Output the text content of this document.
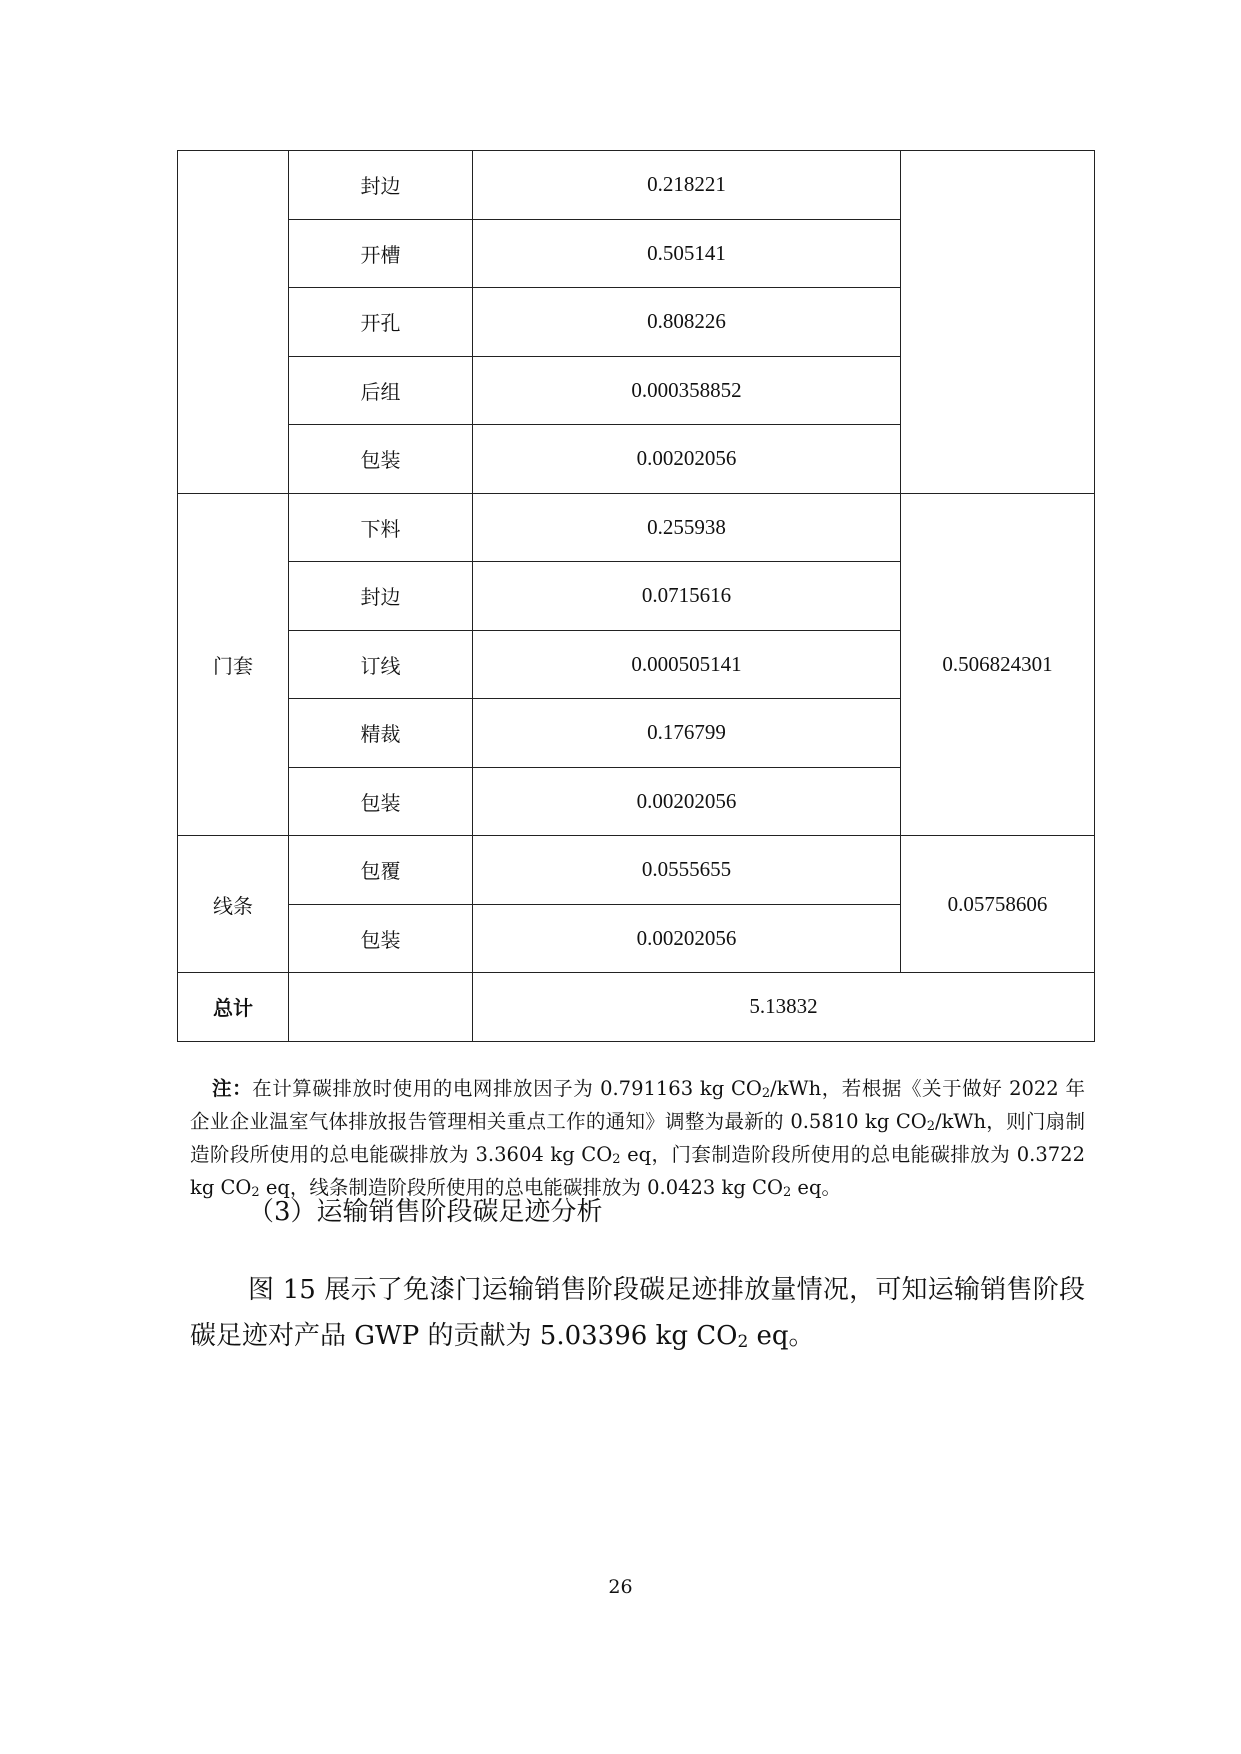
	封边	0.218221	
	开槽	0.505141	
	开孔	0.808226	
	后组	0.000358852	
	包装	0.00202056	
门套	下料	0.255938	0.506824301
	封边	0.0715616	
	订线	0.000505141	
	精裁	0.176799	
	包装	0.00202056	
线条	包覆	0.0555655	0.05758606
	包装	0.00202056	
总计		5.13832	

注：在计算碳排放时使用的电网排放因子为 0.791163 kg $CO_2$/kWh，若根据《关于做好 2022 年企业企业温室气体排放报告管理相关重点工作的通知》调整为最新的 0.5810 kg $CO_2$/kWh，则门扇制造阶段所使用的总电能碳排放为 3.3604 kg $CO_2$ eq，门套制造阶段所使用的总电能碳排放为 0.3722 kg $CO_2$ eq，线条制造阶段所使用的总电能碳排放为 0.0423 kg $CO_2$ eq。

（3）运输销售阶段碳足迹分析

图 15 展示了免漆门运输销售阶段碳足迹排放量情况，可知运输销售阶段碳足迹对产品 GWP 的贡献为 5.03396 kg $CO_2$ eq。

26
